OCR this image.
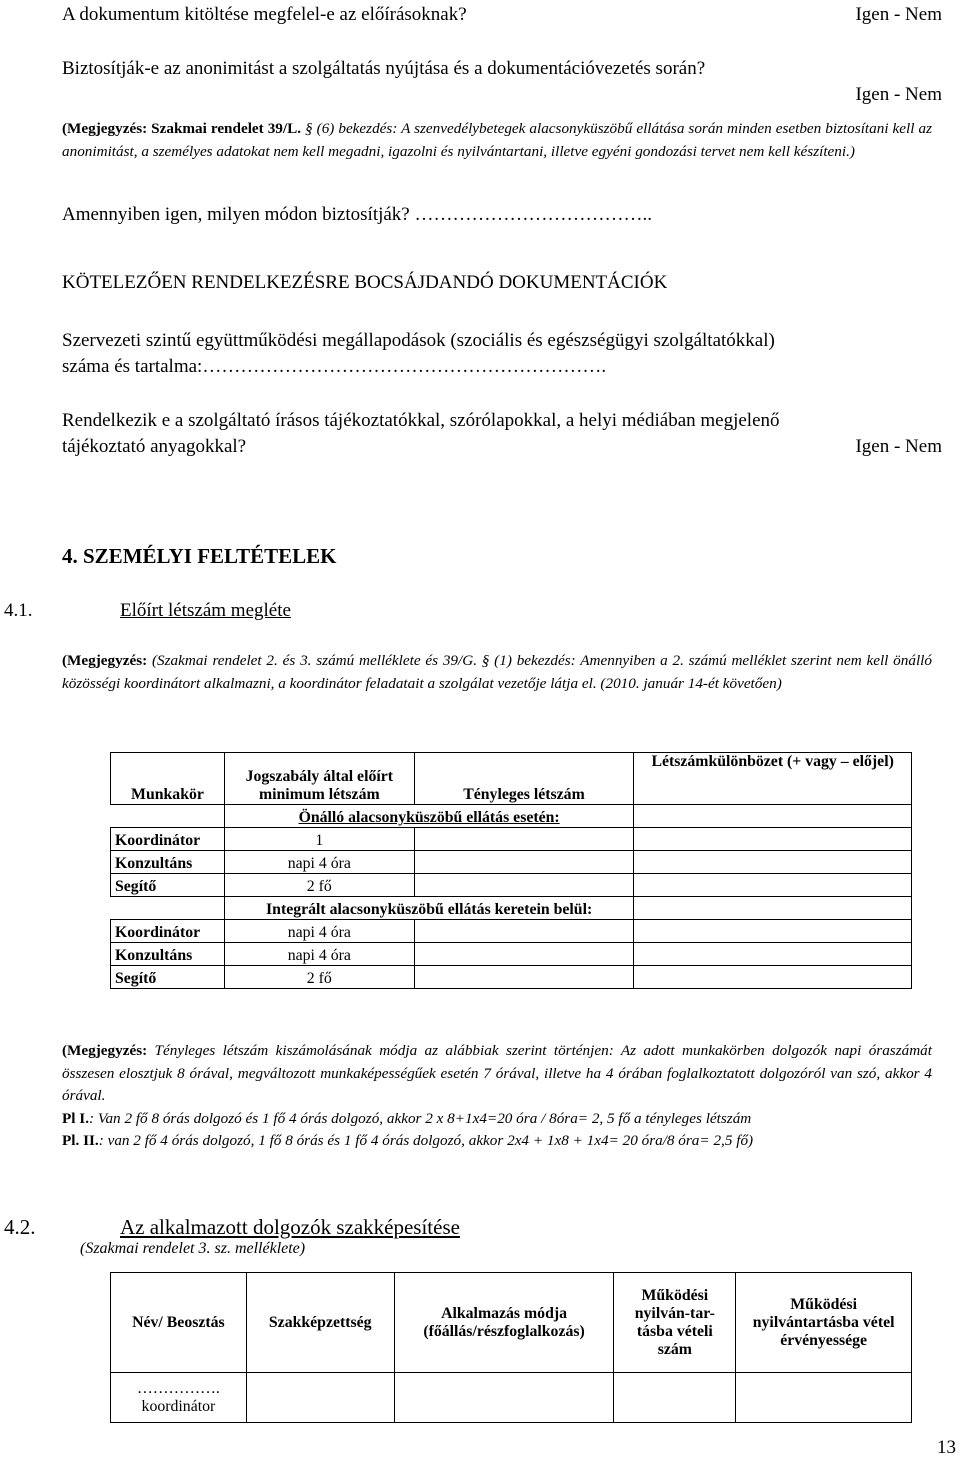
A dokumentum kitöltése megfelel-e az előírásoknak?	Igen - Nem
Biztosítják-e az anonimitást a szolgáltatás nyújtása és a dokumentációvezetés során?
Igen - Nem
(Megjegyzés: Szakmai rendelet 39/L. § (6) bekezdés: A szenvedélybetegek alacsonyküszöbű ellátása során minden esetben biztosítani kell az anonimitást, a személyes adatokat nem kell megadni, igazolni és nyilvántartani, illetve egyéni gondozási tervet nem kell készíteni.)
Amennyiben igen, milyen módon biztosítják? ………………………………..
KÖTELEZŐEN RENDELKEZÉSRE BOCSÁJDANDÓ DOKUMENTÁCIÓK
Szervezeti szintű együttműködési megállapodások (szociális és egészségügyi szolgáltatókkal)
száma és tartalma:……………………………………………………….
Rendelkezik e a szolgáltató írásos tájékoztatókkal, szórólapokkal, a helyi médiában megjelenő
tájékoztató anyagokkal?	Igen - Nem
4. SZEMÉLYI FELTÉTELEK
4.1.	Előírt létszám megléte
(Megjegyzés: (Szakmai rendelet 2. és 3. számú melléklete és 39/G. § (1) bekezdés: Amennyiben a 2. számú melléklet szerint nem kell önálló közösségi koordinátort alkalmazni, a koordinátor feladatait a szolgálat vezetője látja el. (2010. január 14-ét követően)
Munkakör	Jogszabály által előírt minimum létszám	Tényleges létszám	Létszámkülönbözet (+ vagy – előjel)
	Önálló alacsonyküszöbű ellátás esetén:		
Koordinátor	1		
Konzultáns	napi 4 óra		
Segítő	2 fő		
	Integrált alacsonyküszöbű ellátás keretein belül:		
Koordinátor	napi 4 óra		
Konzultáns	napi 4 óra		
Segítő	2 fő		
(Megjegyzés: Tényleges létszám kiszámolásának módja az alábbiak szerint történjen: Az adott munkakörben dolgozók napi óraszámát összesen elosztjuk 8 órával, megváltozott munkaképességűek esetén 7 órával, illetve ha 4 órában foglalkoztatott dolgozóról van szó, akkor 4 órával.
Pl I.: Van 2 fő 8 órás dolgozó és 1 fő 4 órás dolgozó, akkor 2 x 8+1x4=20 óra / 8óra= 2, 5 fő a tényleges létszám
Pl. II.: van 2 fő 4 órás dolgozó, 1 fő 8 órás és 1 fő 4 órás dolgozó, akkor 2x4 + 1x8 + 1x4= 20 óra/8 óra= 2,5 fő)
4.2.	Az alkalmazott dolgozók szakképesítése
(Szakmai rendelet 3. sz. melléklete)
Név/ Beosztás	Szakképzettség	Alkalmazás módja (főállás/részfoglalkozás)	Működési nyilván-tar-tásba vételi szám	Működési nyilvántartásba vétel érvényessége
……………. koordinátor				
13
